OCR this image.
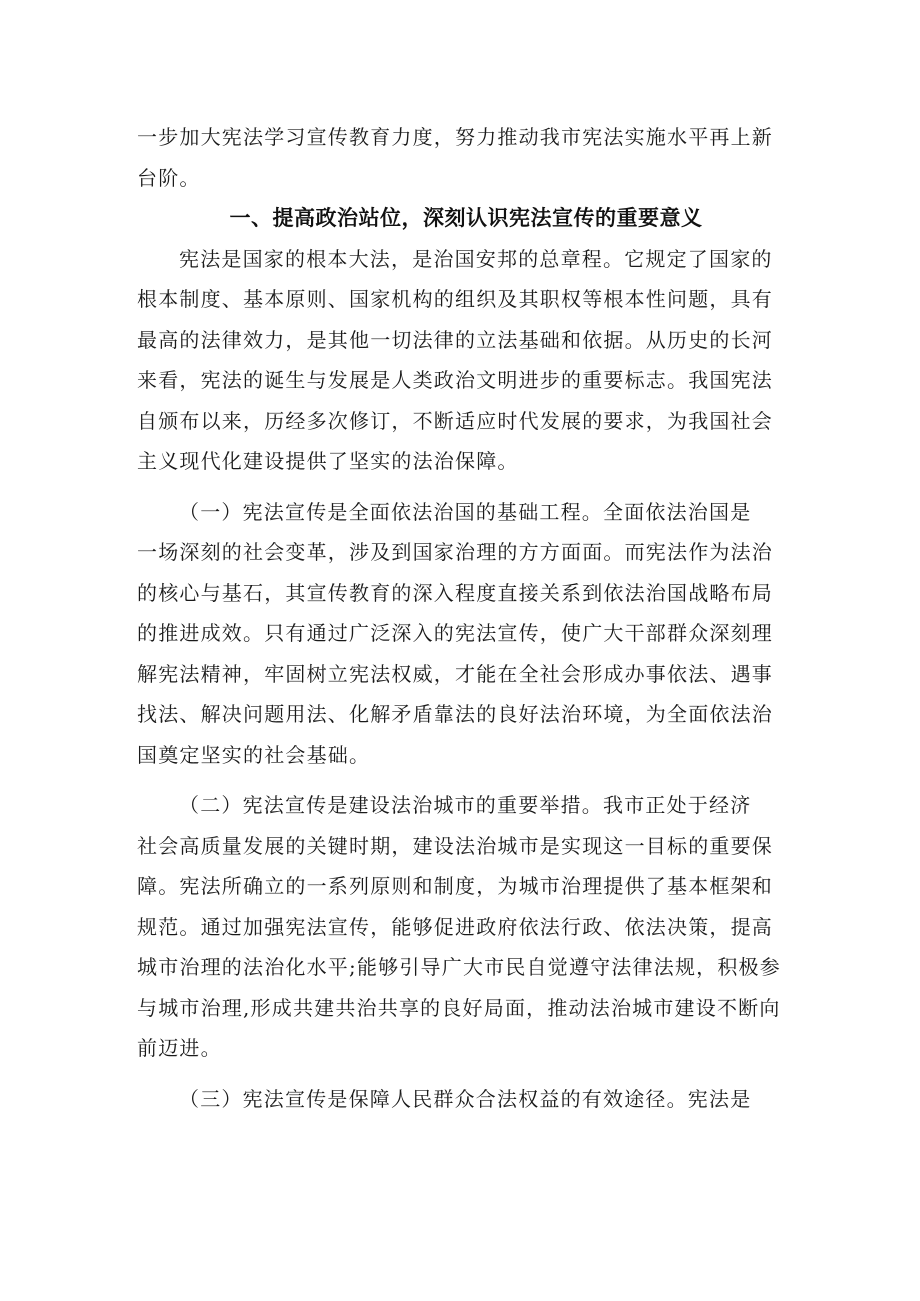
一步加大宪法学习宣传教育力度，努力推动我市宪法实施水平再上新
台阶。
一、提高政治站位，深刻认识宪法宣传的重要意义
宪法是国家的根本大法，是治国安邦的总章程。它规定了国家的
根本制度、基本原则、国家机构的组织及其职权等根本性问题，具有
最高的法律效力，是其他一切法律的立法基础和依据。从历史的长河
来看，宪法的诞生与发展是人类政治文明进步的重要标志。我国宪法
自颁布以来，历经多次修订，不断适应时代发展的要求，为我国社会
主义现代化建设提供了坚实的法治保障。
（一）宪法宣传是全面依法治国的基础工程。全面依法治国是
一场深刻的社会变革，涉及到国家治理的方方面面。而宪法作为法治
的核心与基石，其宣传教育的深入程度直接关系到依法治国战略布局
的推进成效。只有通过广泛深入的宪法宣传，使广大干部群众深刻理
解宪法精神，牢固树立宪法权威，才能在全社会形成办事依法、遇事
找法、解决问题用法、化解矛盾靠法的良好法治环境，为全面依法治
国奠定坚实的社会基础。
（二）宪法宣传是建设法治城市的重要举措。我市正处于经济
社会高质量发展的关键时期，建设法治城市是实现这一目标的重要保
障。宪法所确立的一系列原则和制度，为城市治理提供了基本框架和
规范。通过加强宪法宣传，能够促进政府依法行政、依法决策，提高
城市治理的法治化水平;能够引导广大市民自觉遵守法律法规，积极参
与城市治理,形成共建共治共享的良好局面，推动法治城市建设不断向
前迈进。
（三）宪法宣传是保障人民群众合法权益的有效途径。宪法是
